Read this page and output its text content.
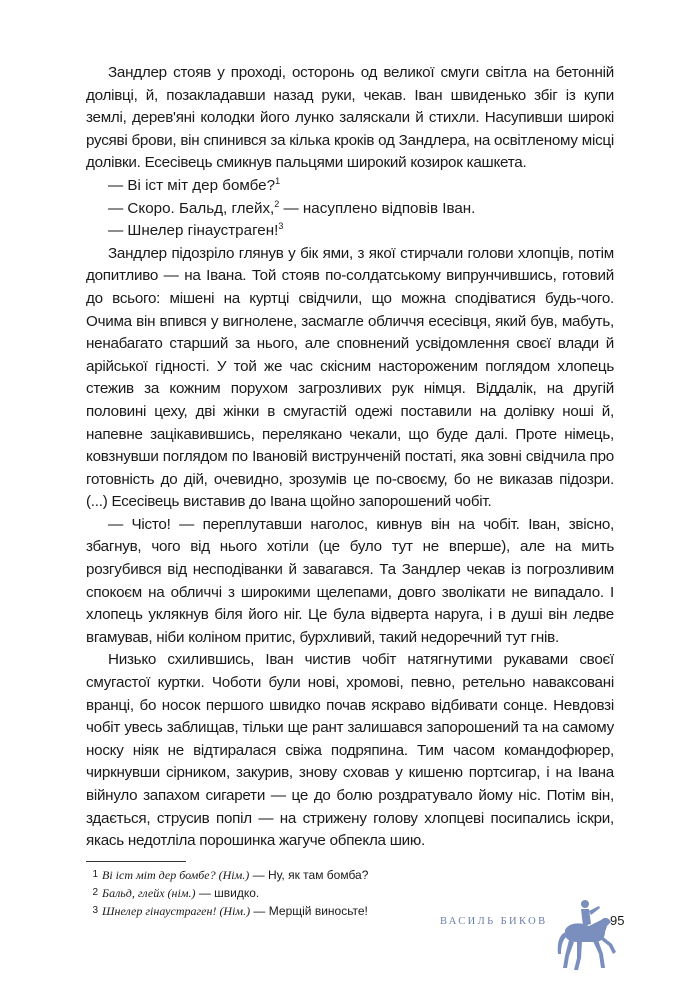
Зандлер стояв у проході, осторонь од великої смуги світла на бетонній долівці, й, позакладавши назад руки, чекав. Іван швиденько збіг із купи землі, дерев'яні колодки його лунко заляскали й стихли. Насупивши широкі русяві брови, він спинився за кілька кроків од Зандлера, на освітленому місці долівки. Есесівець смикнув пальцями широкий козирок кашкета.

— Ві іст міт дер бомбе?$^1$

— Скоро. Бальд, глейх,$^2$ — насуплено відповів Іван.

— Шнелер гінаустраген!$^3$

Зандлер підозріло глянув у бік ями, з якої стирчали голови хлопців, потім допитливо — на Івана. Той стояв по-солдатському випрунчившись, готовий до всього: мішені на куртці свідчили, що можна сподіватися будь-чого. Очима він впився у вигнолене, засмагле обличчя есесівця, який був, мабуть, ненабагато старший за нього, але сповнений усвідомлення своєї влади й арійської гідності. У той же час скісним насторoженим поглядом хлопець стежив за кожним порухом загрозливих рук німця. Віддалік, на другій половині цеху, дві жінки в смугастій одежі поставили на долівку ноші й, напевне зацікавившись, перелякано чекали, що буде далі. Проте німець, ковзнувши поглядом по Івановій виструнченій постаті, яка зовні свідчила про готовність до дій, очевидно, зрозумів це по-своєму, бо не виказав підозри. (...) Есесівець виставив до Івана щойно запорошений чобіт.

— Чісто! — переплутавши наголос, кивнув він на чобіт. Іван, звісно, збагнув, чого від нього хотіли (це було тут не вперше), але на мить розгубився від несподіванки й завагався. Та Зандлер чекав із погрозливим спокоєм на обличчі з широкими щелепами, довго зволікати не випадало. І хлопець уклякнув біля його ніг. Це була відверта наруга, і в душі він ледве вгамував, ніби коліном притис, бурхливий, такий недоречний тут гнів.

Низько схилившись, Іван чистив чобіт натягнутими рукавами своєї смугастої куртки. Чоботи були нові, хромові, певно, ретельно наваксовані вранці, бо носок першого швидко почав яскраво відбивати сонце. Невдовзі чобіт увесь заблищав, тільки ще рант залишався запорошений та на самому носку ніяк не відтиралася свіжа подряпина. Тим часом командофюрер, чиркнувши сірником, закурив, знову сховав у кишеню портсигар, і на Івана війнуло запахом сигарети — це до болю роздратувало йому ніс. Потім він, здається, струсив попіл — на стрижену голову хлопцеві посипались іскри, якась недотліла порошинка жагуче обпекла шию.

1 Ві іст міт дер бомбе? (Нім.) — Ну, як там бомба?

2 Бальд, глейх (нім.) — швидко.

3 Шнелер гінаустраген! (Нім.) — Мерщій виносьте!

ВАСИЛЬ БИКОВ	95
